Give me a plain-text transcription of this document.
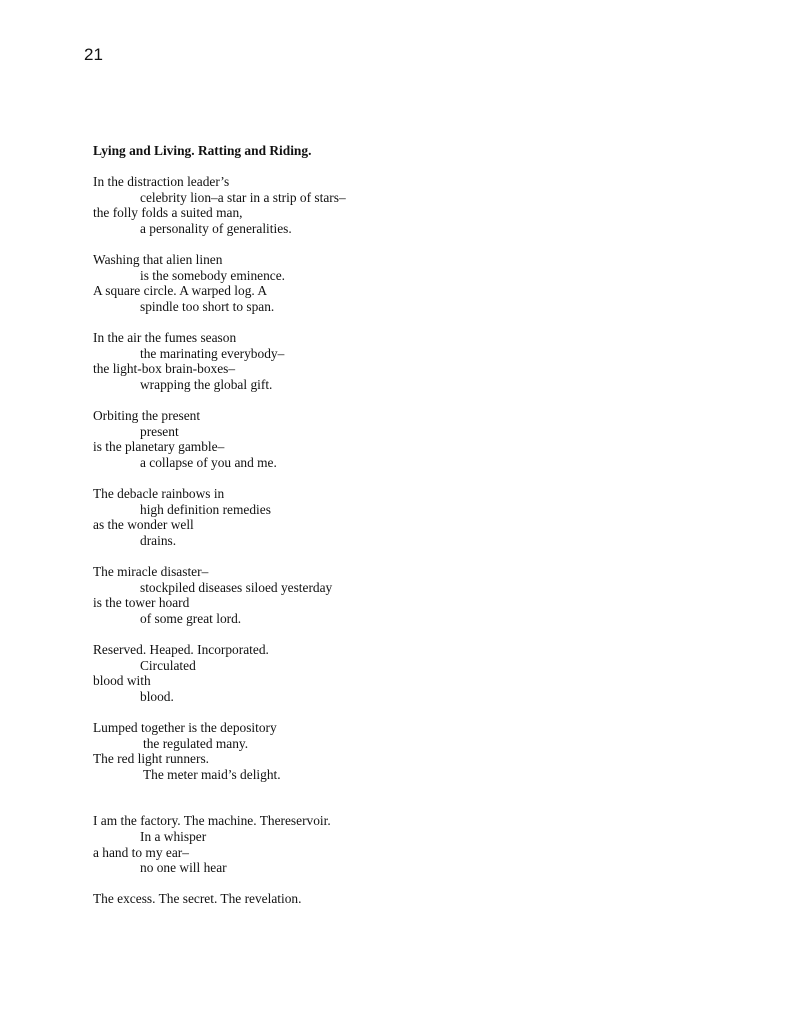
21
Lying and Living. Ratting and Riding.
In the distraction leader’s
celebrity lion–a star in a strip of stars–
the folly folds a suited man,
a personality of generalities.
Washing that alien linen
is the somebody eminence.
A square circle. A warped log. A
spindle too short to span.
In the air the fumes season
the marinating everybody–
the light-box brain-boxes–
wrapping the global gift.
Orbiting the present
present
is the planetary gamble–
a collapse of you and me.
The debacle rainbows in
high definition remedies
as the wonder well
drains.
The miracle disaster–
stockpiled diseases siloed yesterday
is the tower hoard
of some great lord.
Reserved. Heaped. Incorporated.
Circulated
blood with
blood.
Lumped together is the depository
the regulated many.
The red light runners.
The meter maid’s delight.
I am the factory. The machine. Thereservoir.
In a whisper
a hand to my ear–
no one will hear
The excess. The secret. The revelation.
